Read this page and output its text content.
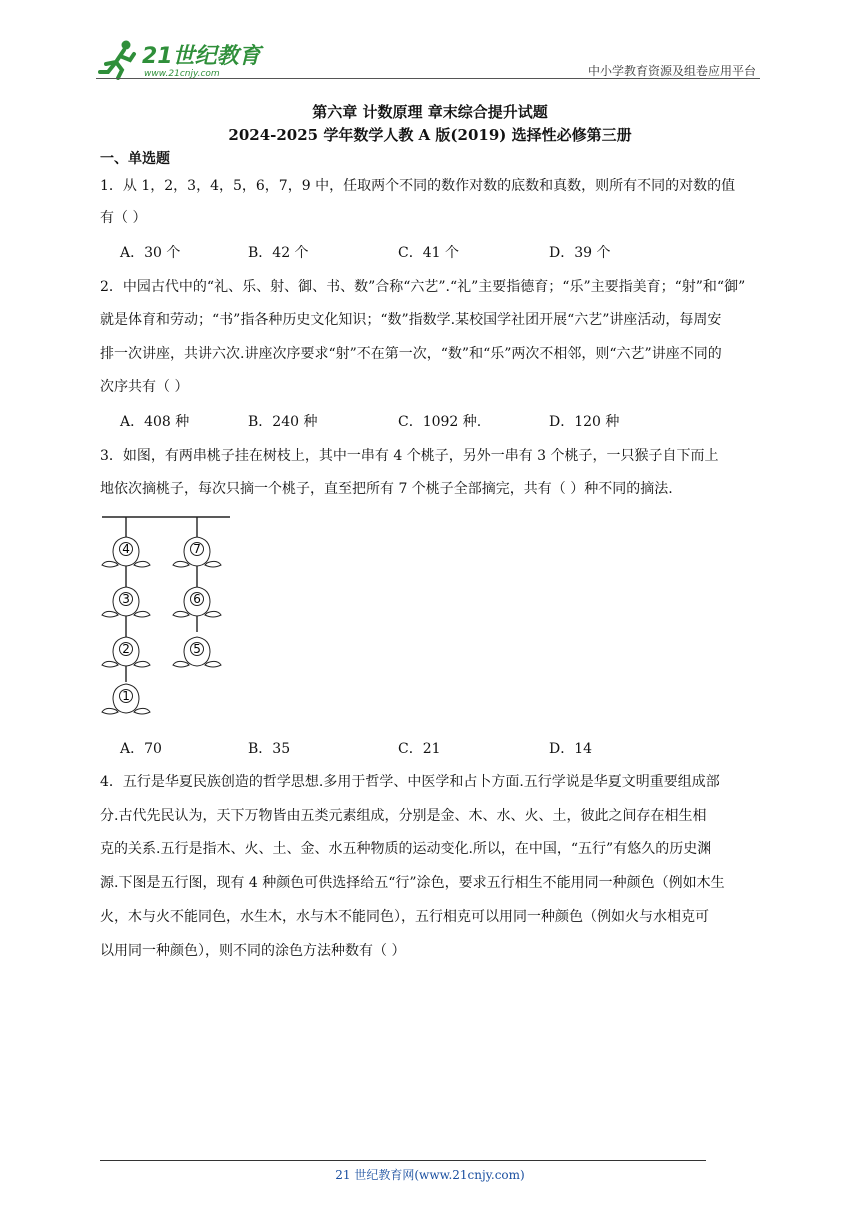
21世纪教育
www.21cnjy.com	中小学教育资源及组卷应用平台
第六章 计数原理 章末综合提升试题
2024-2025 学年数学人教 A 版(2019) 选择性必修第三册
一、单选题
1．从 1，2，3，4，5，6，7，9 中，任取两个不同的数作对数的底数和真数，则所有不同的对数的值
有（ ）
A．30 个	B．42 个	C．41 个	D．39 个
2．中园古代中的“礼、乐、射、御、书、数”合称“六艺”.“礼”主要指德育；“乐”主要指美育；“射”和“御”
就是体育和劳动；“书”指各种历史文化知识；“数”指数学.某校国学社团开展“六艺”讲座活动，每周安
排一次讲座，共讲六次.讲座次序要求“射”不在第一次，“数”和“乐”两次不相邻，则“六艺”讲座不同的
次序共有（ ）
A．408 种	B．240 种	C．1092 种.	D．120 种
3．如图，有两串桃子挂在树枝上，其中一串有 4 个桃子，另外一串有 3 个桃子，一只猴子自下而上
地依次摘桃子，每次只摘一个桃子，直至把所有 7 个桃子全部摘完，共有（ ）种不同的摘法.
4
3
2
1
7
6
5
A．70	B．35	C．21	D．14
4．五行是华夏民族创造的哲学思想.多用于哲学、中医学和占卜方面.五行学说是华夏文明重要组成部
分.古代先民认为，天下万物皆由五类元素组成，分别是金、木、水、火、土，彼此之间存在相生相
克的关系.五行是指木、火、土、金、水五种物质的运动变化.所以，在中国，“五行”有悠久的历史渊
源.下图是五行图，现有 4 种颜色可供选择给五“行”涂色，要求五行相生不能用同一种颜色（例如木生
火，木与火不能同色，水生木，水与木不能同色），五行相克可以用同一种颜色（例如火与水相克可
以用同一种颜色），则不同的涂色方法种数有（ ）
21 世纪教育网(www.21cnjy.com)
